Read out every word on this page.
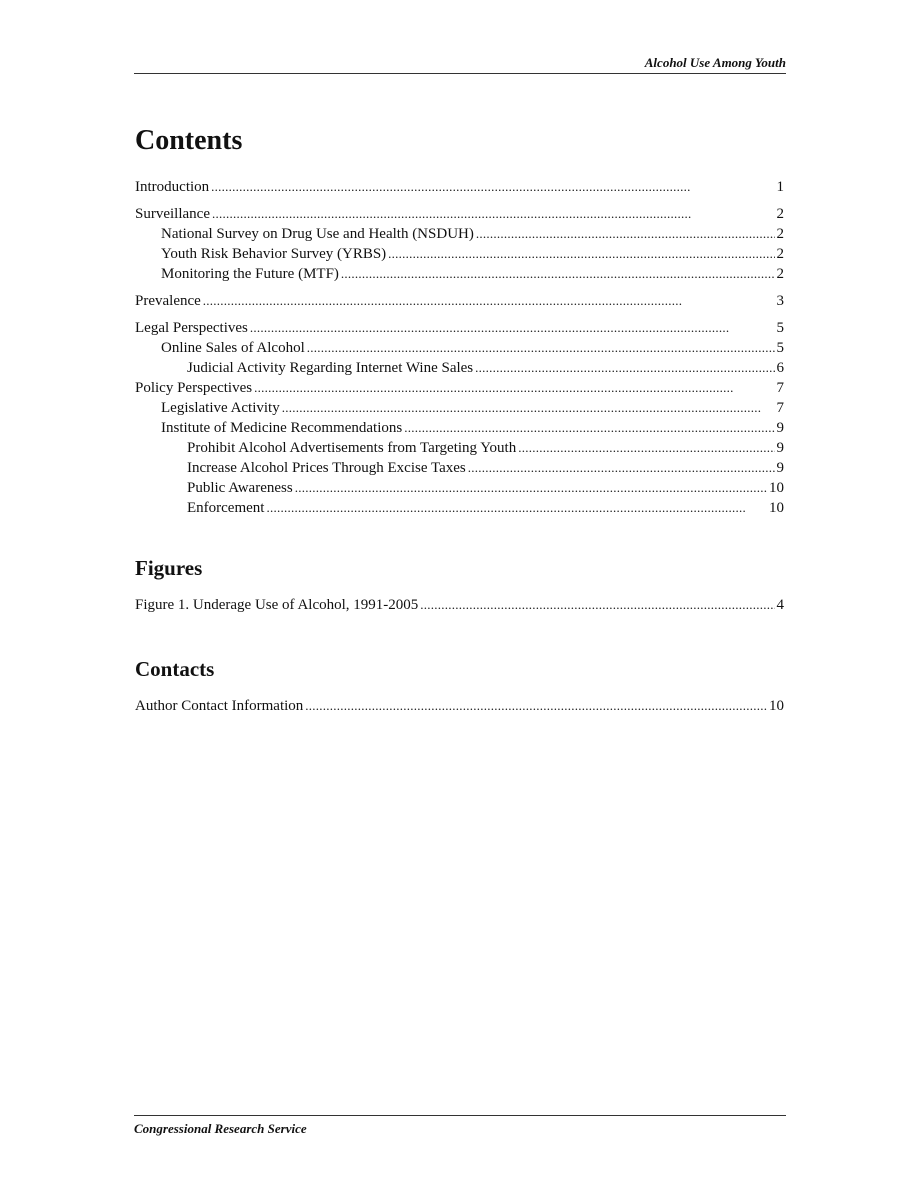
Alcohol Use Among Youth
Contents
Introduction . . .	1
Surveillance . . .	2
National Survey on Drug Use and Health (NSDUH) . . .	2
Youth Risk Behavior Survey (YRBS) . . .	2
Monitoring the Future (MTF) . . .	2
Prevalence . . .	3
Legal Perspectives . . .	5
Online Sales of Alcohol . . .	5
Judicial Activity Regarding Internet Wine Sales . . .	6
Policy Perspectives . . .	7
Legislative Activity . . .	7
Institute of Medicine Recommendations . . .	9
Prohibit Alcohol Advertisements from Targeting Youth . . .	9
Increase Alcohol Prices Through Excise Taxes . . .	9
Public Awareness . . .	10
Enforcement . . .	10
Figures
Figure 1. Underage Use of Alcohol, 1991-2005 . . .	4
Contacts
Author Contact Information . . .	10
Congressional Research Service
